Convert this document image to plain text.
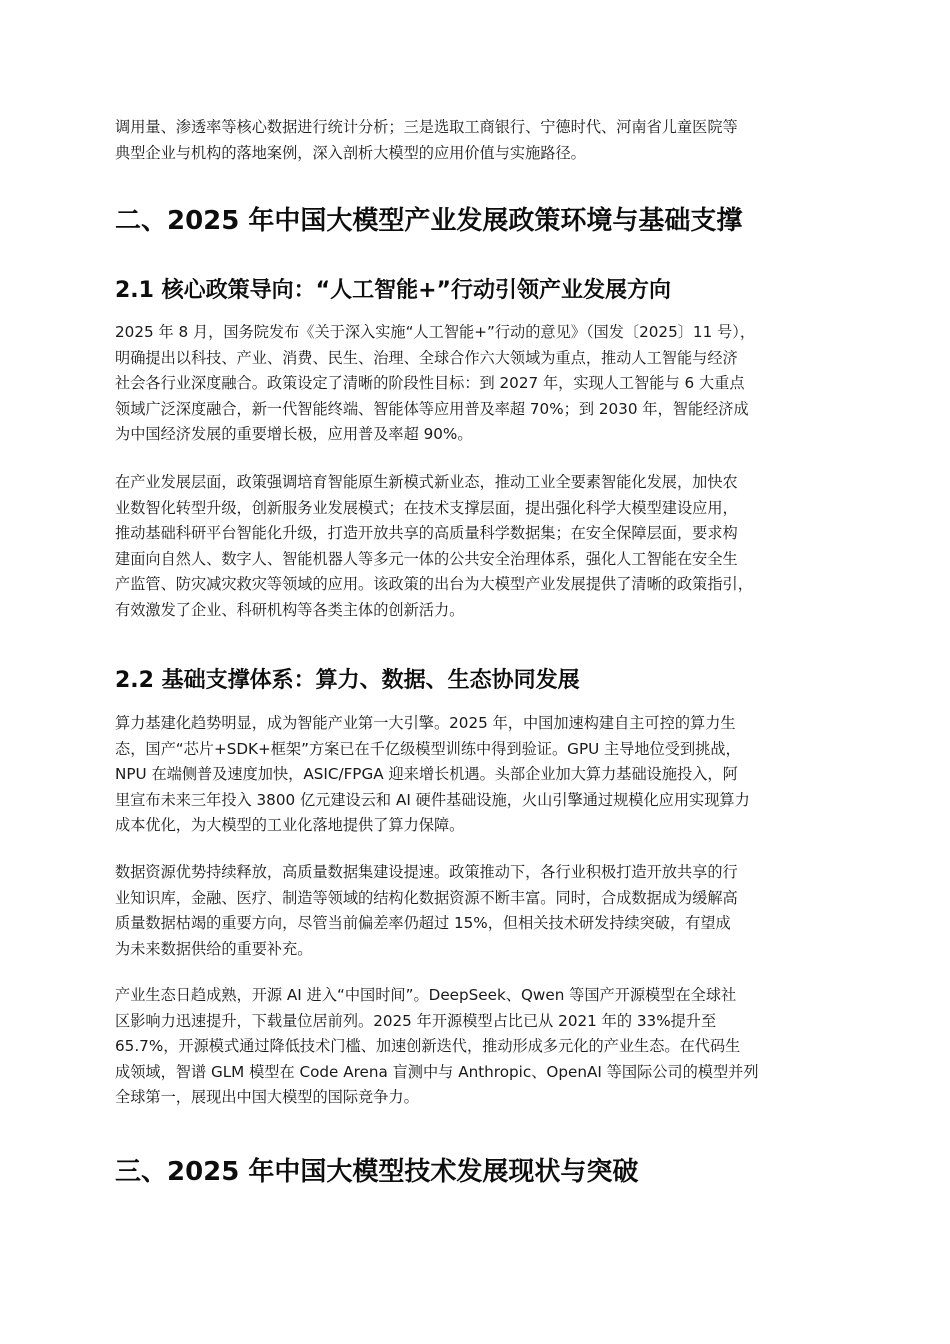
调用量、渗透率等核心数据进行统计分析；三是选取工商银行、宁德时代、河南省儿童医院等
典型企业与机构的落地案例，深入剖析大模型的应用价值与实施路径。
二、2025 年中国大模型产业发展政策环境与基础支撑
2.1 核心政策导向：“人工智能+”行动引领产业发展方向
2025 年 8 月，国务院发布《关于深入实施“人工智能+”行动的意见》（国发〔2025〕11 号），
明确提出以科技、产业、消费、民生、治理、全球合作六大领域为重点，推动人工智能与经济
社会各行业深度融合。政策设定了清晰的阶段性目标：到 2027 年，实现人工智能与 6 大重点
领域广泛深度融合，新一代智能终端、智能体等应用普及率超 70%；到 2030 年，智能经济成
为中国经济发展的重要增长极，应用普及率超 90%。
在产业发展层面，政策强调培育智能原生新模式新业态，推动工业全要素智能化发展，加快农
业数智化转型升级，创新服务业发展模式；在技术支撑层面，提出强化科学大模型建设应用，
推动基础科研平台智能化升级，打造开放共享的高质量科学数据集；在安全保障层面，要求构
建面向自然人、数字人、智能机器人等多元一体的公共安全治理体系，强化人工智能在安全生
产监管、防灾减灾救灾等领域的应用。该政策的出台为大模型产业发展提供了清晰的政策指引，
有效激发了企业、科研机构等各类主体的创新活力。
2.2 基础支撑体系：算力、数据、生态协同发展
算力基建化趋势明显，成为智能产业第一大引擎。2025 年，中国加速构建自主可控的算力生
态，国产“芯片+SDK+框架”方案已在千亿级模型训练中得到验证。GPU 主导地位受到挑战，
NPU 在端侧普及速度加快，ASIC/FPGA 迎来增长机遇。头部企业加大算力基础设施投入，阿
里宣布未来三年投入 3800 亿元建设云和 AI 硬件基础设施，火山引擎通过规模化应用实现算力
成本优化，为大模型的工业化落地提供了算力保障。
数据资源优势持续释放，高质量数据集建设提速。政策推动下，各行业积极打造开放共享的行
业知识库，金融、医疗、制造等领域的结构化数据资源不断丰富。同时，合成数据成为缓解高
质量数据枯竭的重要方向，尽管当前偏差率仍超过 15%，但相关技术研发持续突破，有望成
为未来数据供给的重要补充。
产业生态日趋成熟，开源 AI 进入“中国时间”。DeepSeek、Qwen 等国产开源模型在全球社
区影响力迅速提升，下载量位居前列。2025 年开源模型占比已从 2021 年的 33%提升至
65.7%，开源模式通过降低技术门槛、加速创新迭代，推动形成多元化的产业生态。在代码生
成领域，智谱 GLM 模型在 Code Arena 盲测中与 Anthropic、OpenAI 等国际公司的模型并列
全球第一，展现出中国大模型的国际竞争力。
三、2025 年中国大模型技术发展现状与突破
